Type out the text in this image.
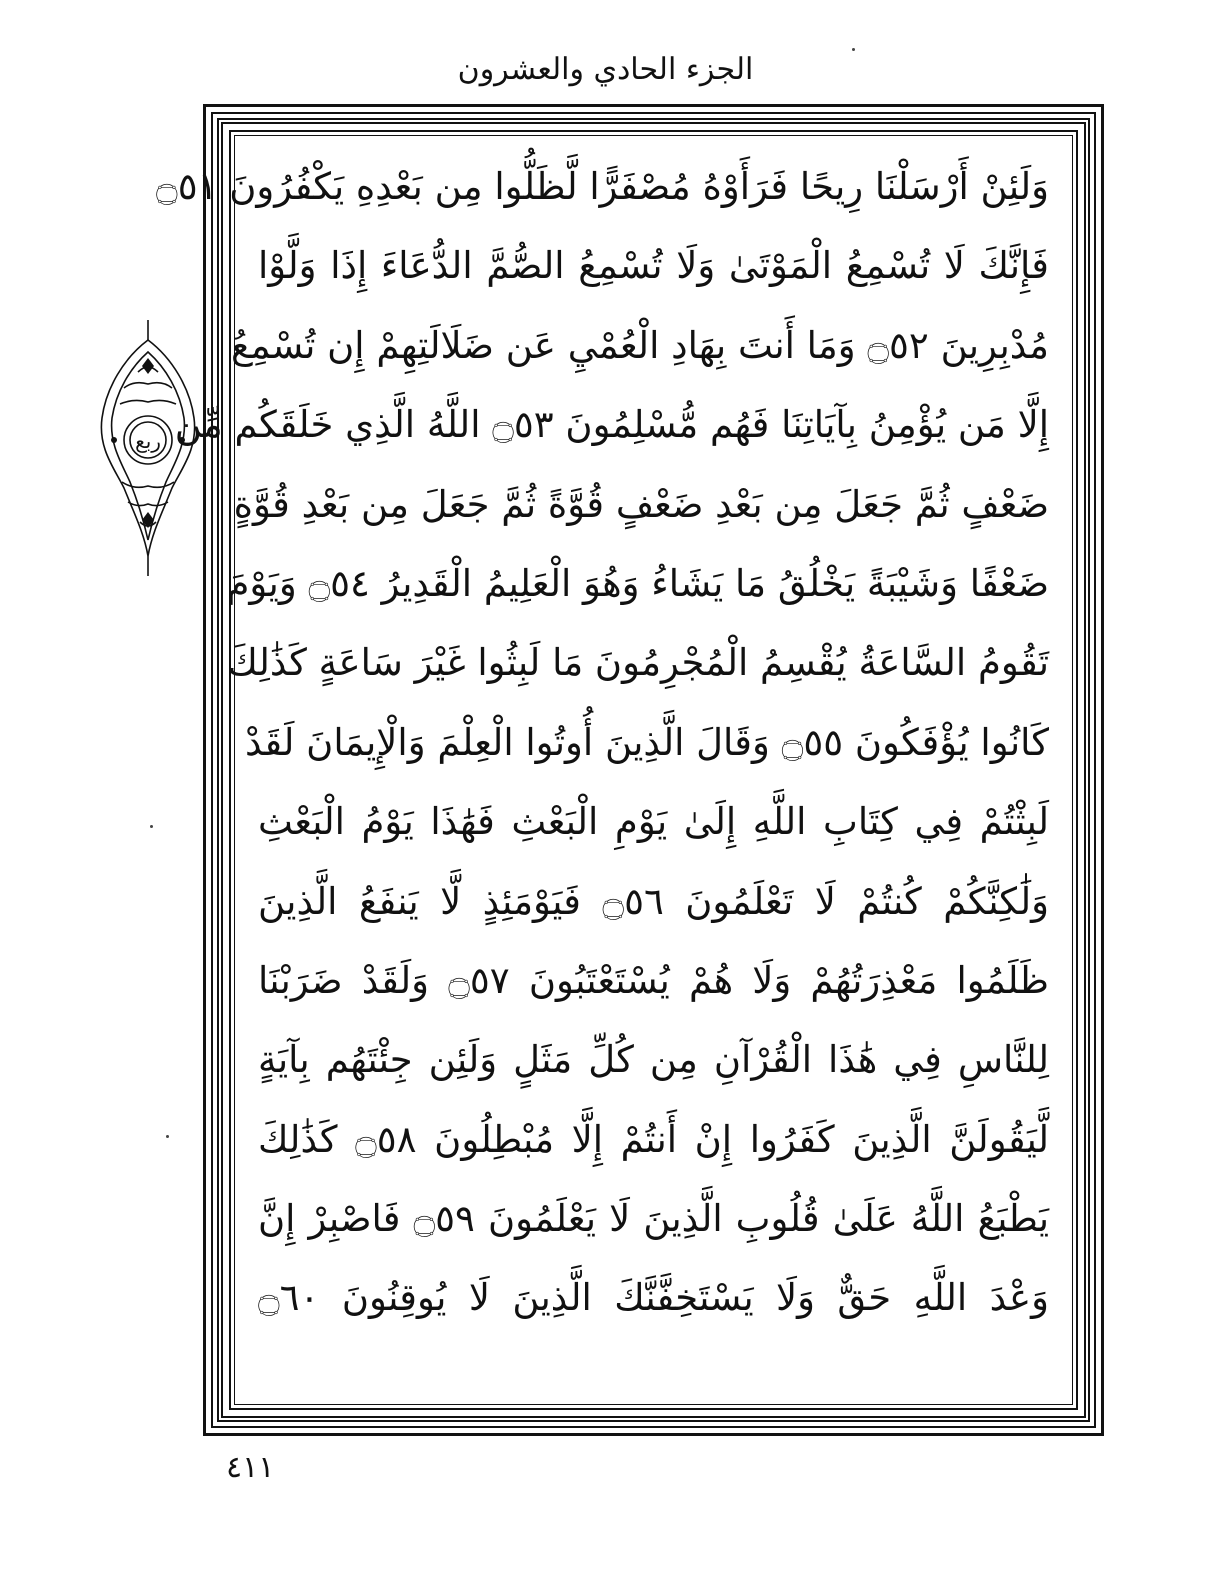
الجزء الحادي والعشرون
ربع
وَلَئِنْ أَرْسَلْنَا رِيحًا فَرَأَوْهُ مُصْفَرًّا لَّظَلُّوا مِن بَعْدِهِ يَكْفُرُونَ ۝٥١
فَإِنَّكَ لَا تُسْمِعُ الْمَوْتَىٰ وَلَا تُسْمِعُ الصُّمَّ الدُّعَاءَ إِذَا وَلَّوْا
مُدْبِرِينَ ۝٥٢ وَمَا أَنتَ بِهَادِ الْعُمْيِ عَن ضَلَالَتِهِمْ إِن تُسْمِعُ
إِلَّا مَن يُؤْمِنُ بِآيَاتِنَا فَهُم مُّسْلِمُونَ ۝٥٣ اللَّهُ الَّذِي خَلَقَكُم مِّن
ضَعْفٍ ثُمَّ جَعَلَ مِن بَعْدِ ضَعْفٍ قُوَّةً ثُمَّ جَعَلَ مِن بَعْدِ قُوَّةٍ
ضَعْفًا وَشَيْبَةً يَخْلُقُ مَا يَشَاءُ وَهُوَ الْعَلِيمُ الْقَدِيرُ ۝٥٤ وَيَوْمَ
تَقُومُ السَّاعَةُ يُقْسِمُ الْمُجْرِمُونَ مَا لَبِثُوا غَيْرَ سَاعَةٍ كَذَٰلِكَ
كَانُوا يُؤْفَكُونَ ۝٥٥ وَقَالَ الَّذِينَ أُوتُوا الْعِلْمَ وَالْإِيمَانَ لَقَدْ
لَبِثْتُمْ فِي كِتَابِ اللَّهِ إِلَىٰ يَوْمِ الْبَعْثِ فَهَٰذَا يَوْمُ الْبَعْثِ
وَلَٰكِنَّكُمْ كُنتُمْ لَا تَعْلَمُونَ ۝٥٦ فَيَوْمَئِذٍ لَّا يَنفَعُ الَّذِينَ
ظَلَمُوا مَعْذِرَتُهُمْ وَلَا هُمْ يُسْتَعْتَبُونَ ۝٥٧ وَلَقَدْ ضَرَبْنَا
لِلنَّاسِ فِي هَٰذَا الْقُرْآنِ مِن كُلِّ مَثَلٍ وَلَئِن جِئْتَهُم بِآيَةٍ
لَّيَقُولَنَّ الَّذِينَ كَفَرُوا إِنْ أَنتُمْ إِلَّا مُبْطِلُونَ ۝٥٨ كَذَٰلِكَ
يَطْبَعُ اللَّهُ عَلَىٰ قُلُوبِ الَّذِينَ لَا يَعْلَمُونَ ۝٥٩ فَاصْبِرْ إِنَّ
وَعْدَ اللَّهِ حَقٌّ وَلَا يَسْتَخِفَّنَّكَ الَّذِينَ لَا يُوقِنُونَ ۝٦٠
٤١١
